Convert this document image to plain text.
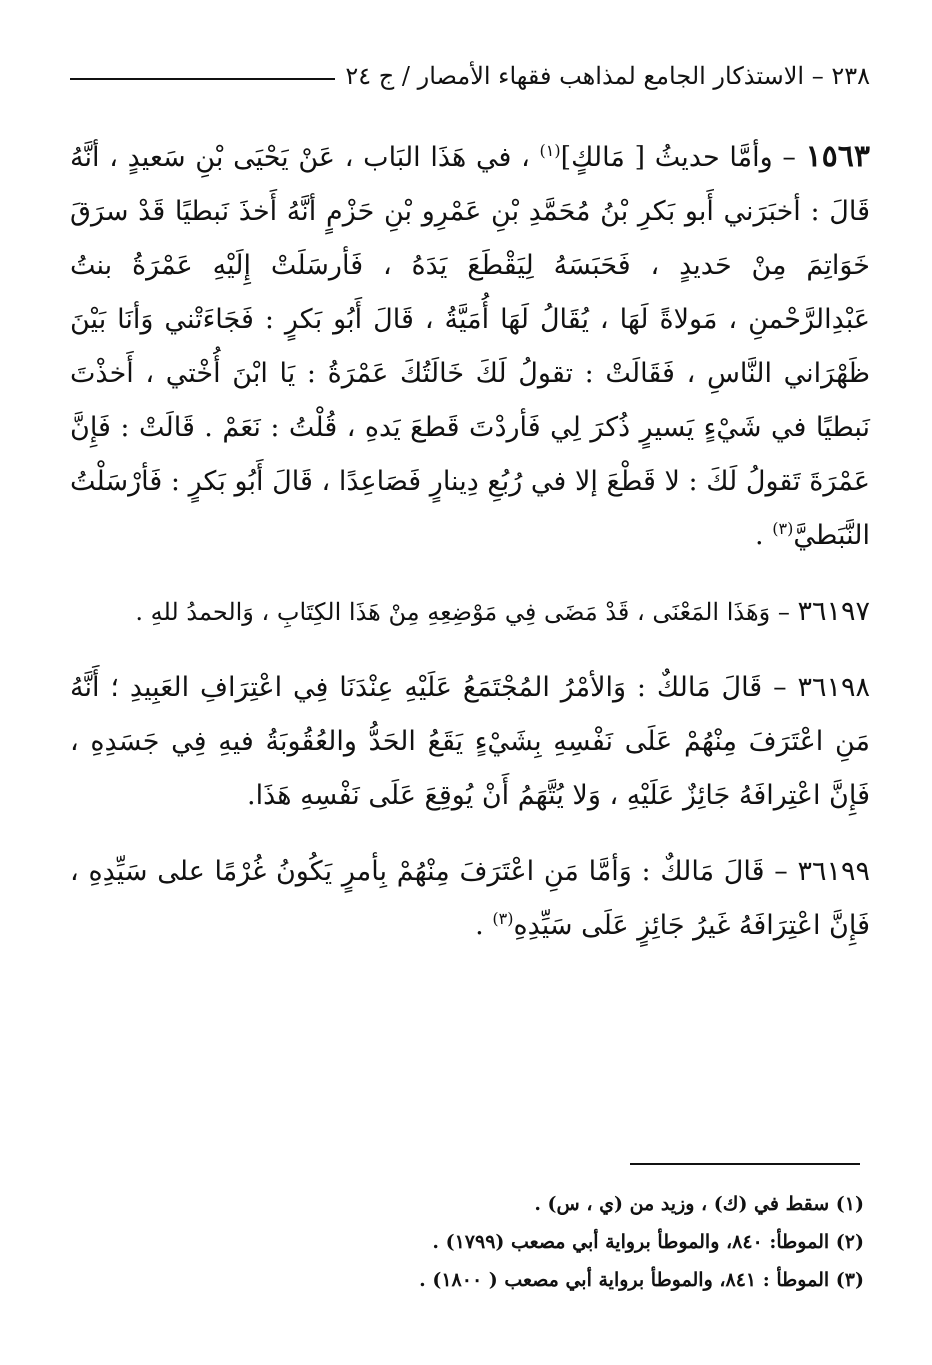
٢٣٨ – الاستذكار الجامع لمذاهب فقهاء الأمصار / ج ٢٤

١٥٦٣ – وأمَّا حديثُ [ مَالكٍ]$^{(١)}$ ، في هَذَا البَاب ، عَنْ يَحْيَى بْنِ سَعيدٍ ، أنَّهُ قَالَ : أخبَرَني أَبو بَكرِ بْنُ مُحَمَّدِ بْنِ عَمْرِو بْنِ حَزْمٍ أنَّهُ أَخذَ نَبطيًا قَدْ سرَقَ خَوَاتِمَ مِنْ حَديدٍ ، فَحَبَسَهُ لِيَقْطَعَ يَدَهُ ، فَأرسَلَتْ إِلَيْهِ عَمْرَةُ بنتُ عَبْدِالرَّحْمنِ ، مَولاةً لَهَا ، يُقَالُ لَهَا أُمَيَّةُ ، قَالَ أَبُو بَكرٍ : فَجَاءَتْني وَأنَا بَيْنَ ظَهْرَاني النَّاسِ ، فَقَالَتْ : تقولُ لَكَ خَالَتُكَ عَمْرَةُ : يَا ابْنَ أُخْتي ، أَخذْتَ نَبطيًا في شَيْءٍ يَسيرٍ ذُكرَ لِي فَأردْتَ قَطعَ يَدهِ ، قُلْتُ : نَعَمْ . قَالَتْ : فَإِنَّ عَمْرَةَ تَقولُ لَكَ : لا قَطْعَ إلا في رُبُعِ دِينارٍ فَصَاعِدًا ، قَالَ أَبُو بَكرٍ : فَأرْسَلْتُ النَّبَطيَّ$^{(٣)}$ .

٣٦١٩٧ – وَهَذَا المَعْنَى ، قَدْ مَضَى فِي مَوْضِعِهِ مِنْ هَذَا الكِتَابِ ، وَالحمدُ للهِ .

٣٦١٩٨ – قَالَ مَالكٌ : وَالأمْرُ المُجْتَمَعُ عَلَيْهِ عِنْدَنَا فِي اعْتِرَافِ العَبِيدِ ؛ أَنَّهُ مَنِ اعْتَرَفَ مِنْهُمْ عَلَى نَفْسِهِ بِشَيْءٍ يَقَعُ الحَدُّ والعُقُوبَةُ فيهِ فِي جَسَدِهِ ، فَإِنَّ اعْتِرافَهُ جَائِزٌ عَلَيْهِ ، وَلا يُتَّهَمُ أَنْ يُوقِعَ عَلَى نَفْسِهِ هَذَا.

٣٦١٩٩ – قَالَ مَالكٌ : وَأمَّا مَنِ اعْتَرَفَ مِنْهُمْ بِأمرٍ يَكُونُ غُرْمًا على سَيِّدِهِ ، فَإِنَّ اعْتِرَافَهُ غَيرُ جَائِزٍ عَلَى سَيِّدِهِ$^{(٣)}$ .

(١) سقط في (ك) ، وزيد من (ي ، س) .

(٢) الموطأ: ٨٤٠، والموطأ برواية أبي مصعب (١٧٩٩) .

(٣) الموطأ : ٨٤١، والموطأ برواية أبي مصعب ( ١٨٠٠) .
